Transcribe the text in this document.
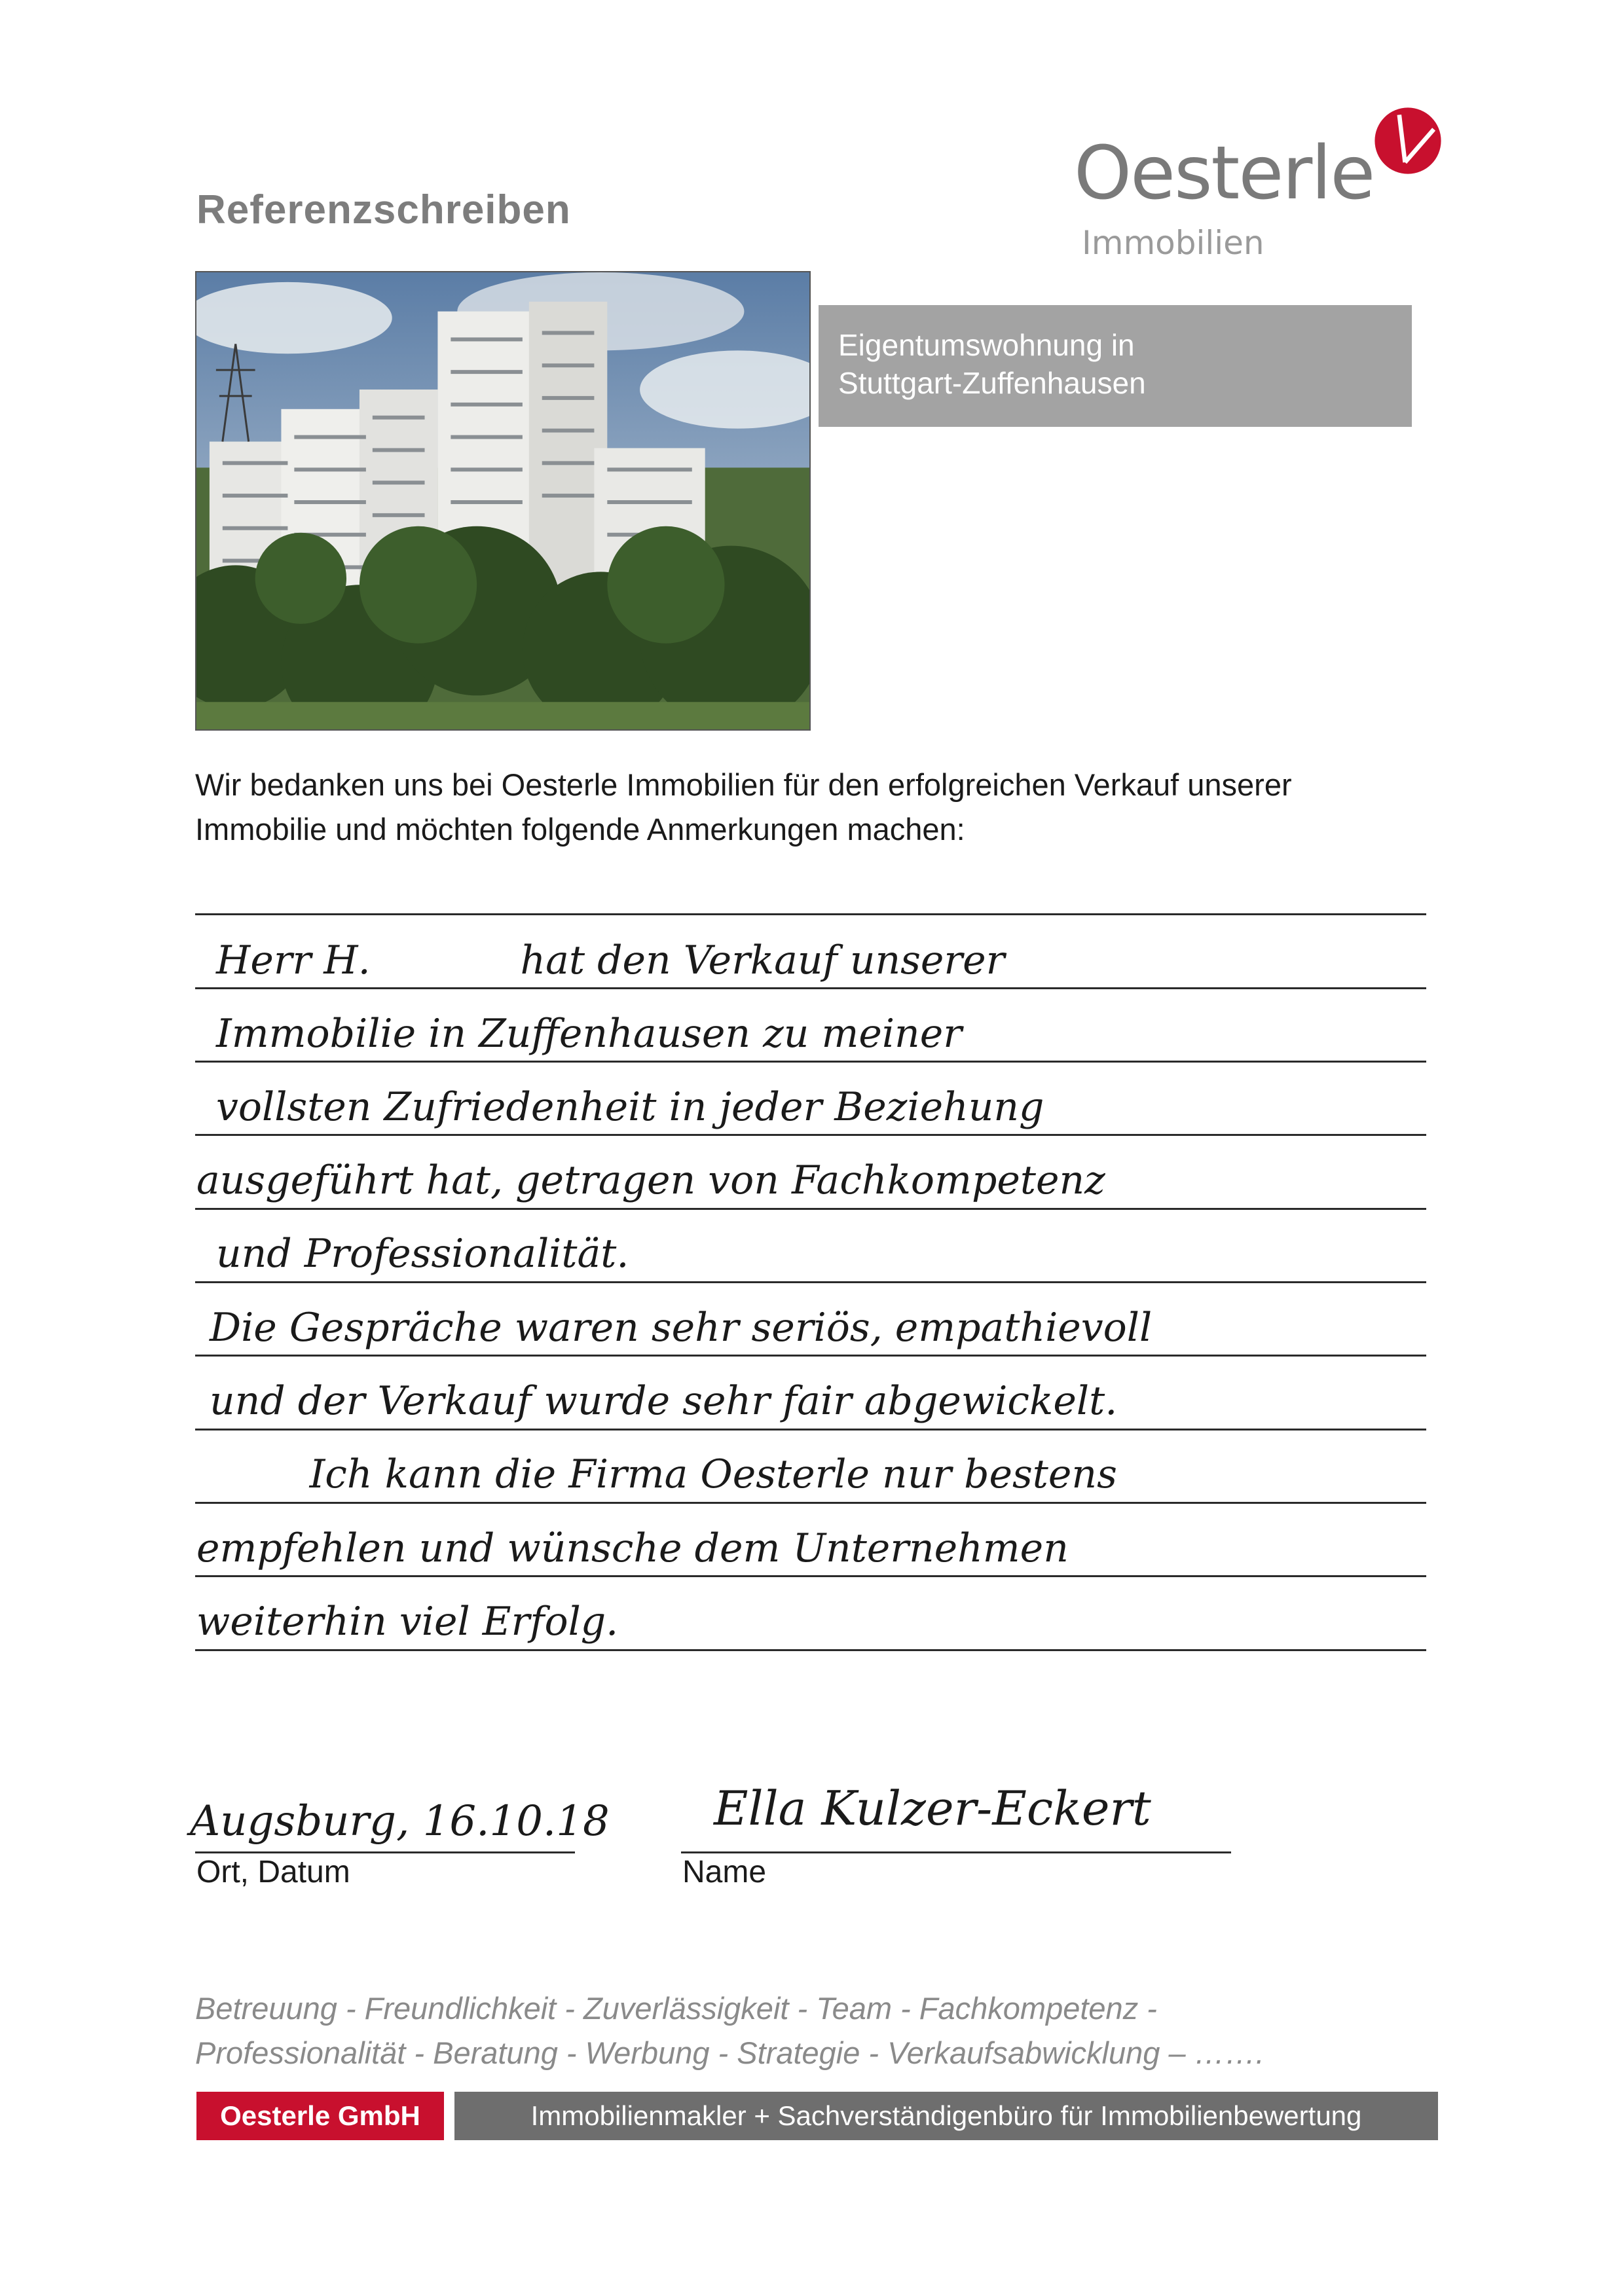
Referenzschreiben	Oesterle
Immobilien
Eigentumswohnung in
Stuttgart-Zuffenhausen
Wir bedanken uns bei Oesterle Immobilien für den erfolgreichen Verkauf unserer
Immobilie und möchten folgende Anmerkungen machen:
Herr H.            hat den Verkauf unserer
Immobilie in Zuffenhausen zu meiner
vollsten Zufriedenheit in jeder Beziehung
ausgeführt hat, getragen von Fachkompetenz
und Professionalität.
Die Gespräche waren sehr seriös, empathievoll
und der Verkauf wurde sehr fair abgewickelt.
Ich kann die Firma Oesterle nur bestens
empfehlen und wünsche dem Unternehmen
weiterhin viel Erfolg.
Augsburg, 16.10.18
Ort, Datum
Ella Kulzer-Eckert
Name
Betreuung - Freundlichkeit - Zuverlässigkeit - Team - Fachkompetenz -
Professionalität - Beratung - Werbung - Strategie - Verkaufsabwicklung – …….
Oesterle GmbH	Immobilienmakler + Sachverständigenbüro für Immobilienbewertung
